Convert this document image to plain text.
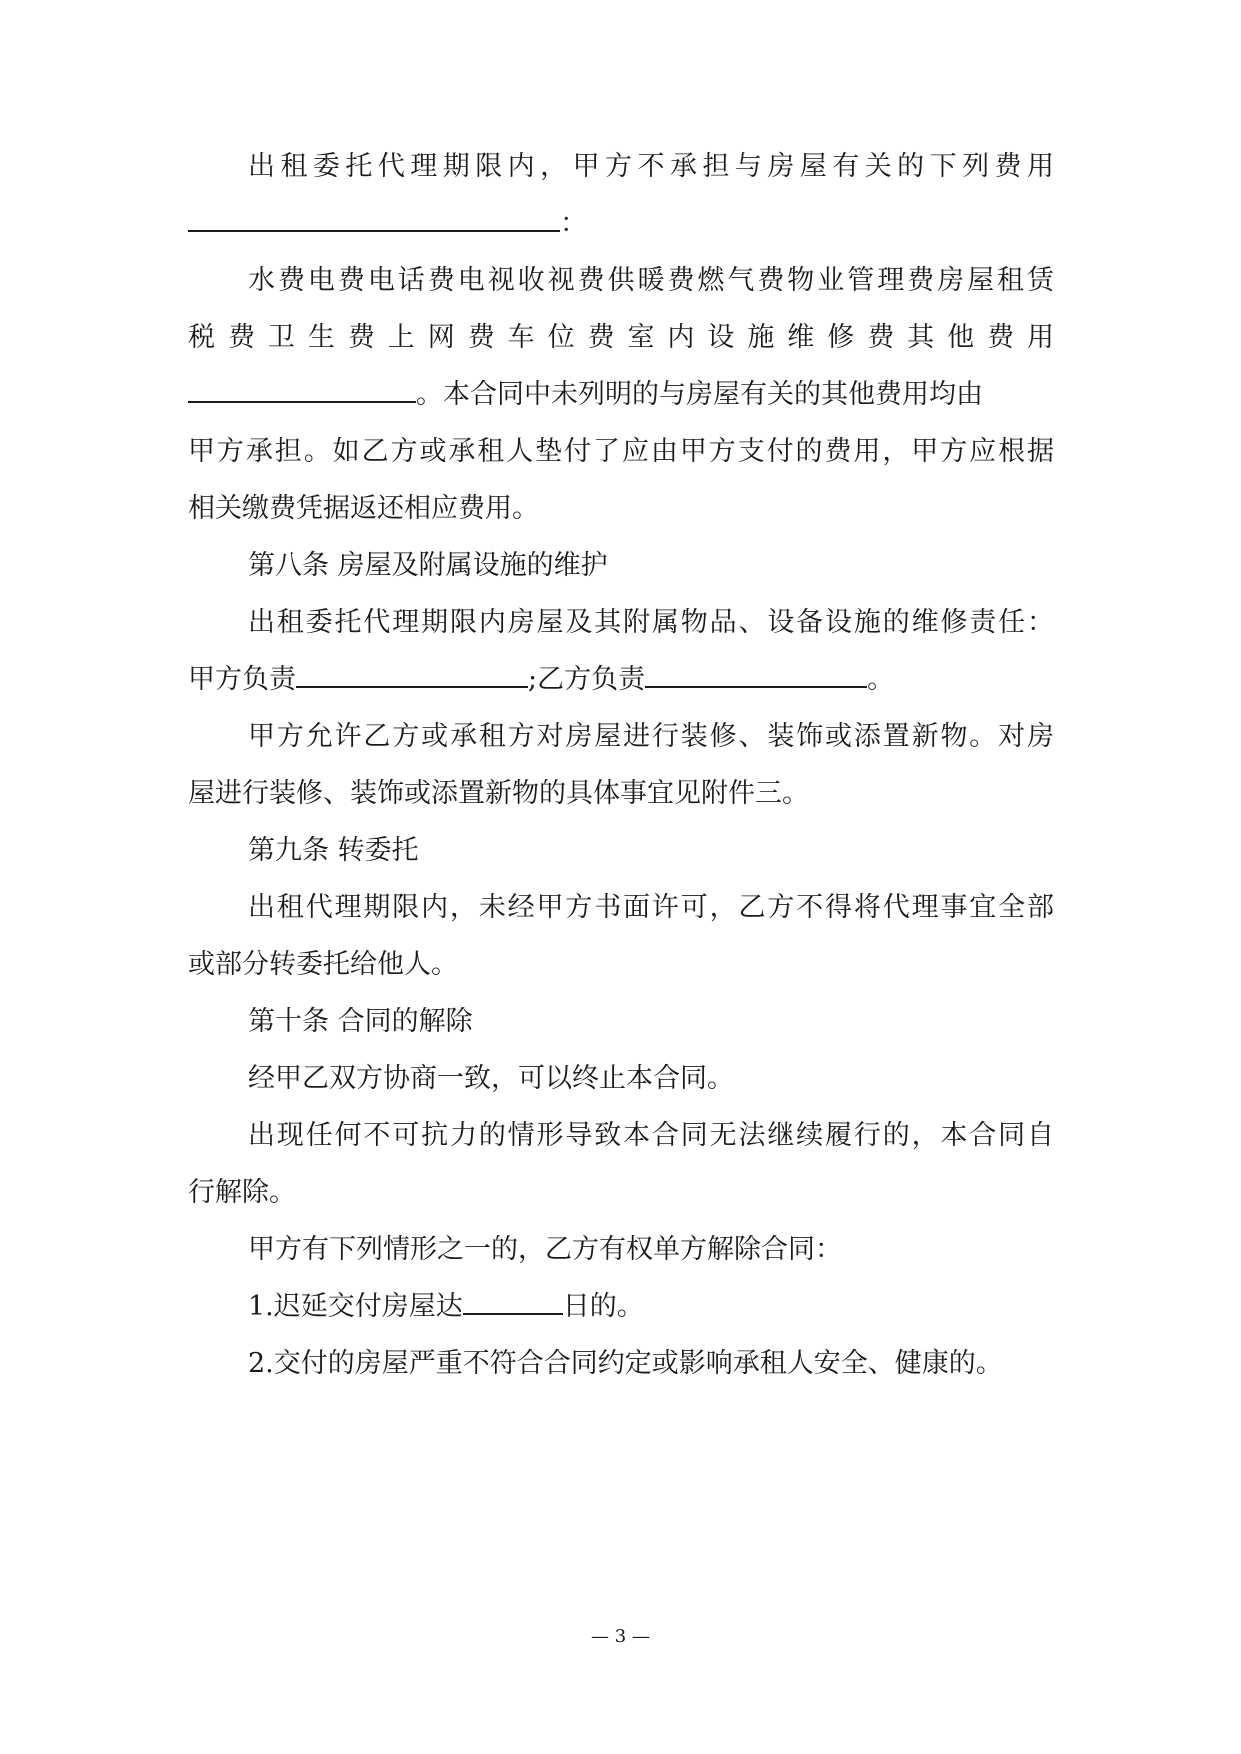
出租委托代理期限内，甲方不承担与房屋有关的下列费用
：
水费电费电话费电视收视费供暖费燃气费物业管理费房屋租赁
税费卫生费上网费车位费室内设施维修费其他费用
。本合同中未列明的与房屋有关的其他费用均由
甲方承担。如乙方或承租人垫付了应由甲方支付的费用，甲方应根据
相关缴费凭据返还相应费用。
第八条 房屋及附属设施的维护
出租委托代理期限内房屋及其附属物品、设备设施的维修责任：
甲方负责	;乙方负责	。
甲方允许乙方或承租方对房屋进行装修、装饰或添置新物。对房
屋进行装修、装饰或添置新物的具体事宜见附件三。
第九条 转委托
出租代理期限内，未经甲方书面许可，乙方不得将代理事宜全部
或部分转委托给他人。
第十条 合同的解除
经甲乙双方协商一致，可以终止本合同。
出现任何不可抗力的情形导致本合同无法继续履行的，本合同自
行解除。
甲方有下列情形之一的，乙方有权单方解除合同：
1.迟延交付房屋达	日的。
2.交付的房屋严重不符合合同约定或影响承租人安全、健康的。
— 3 —
